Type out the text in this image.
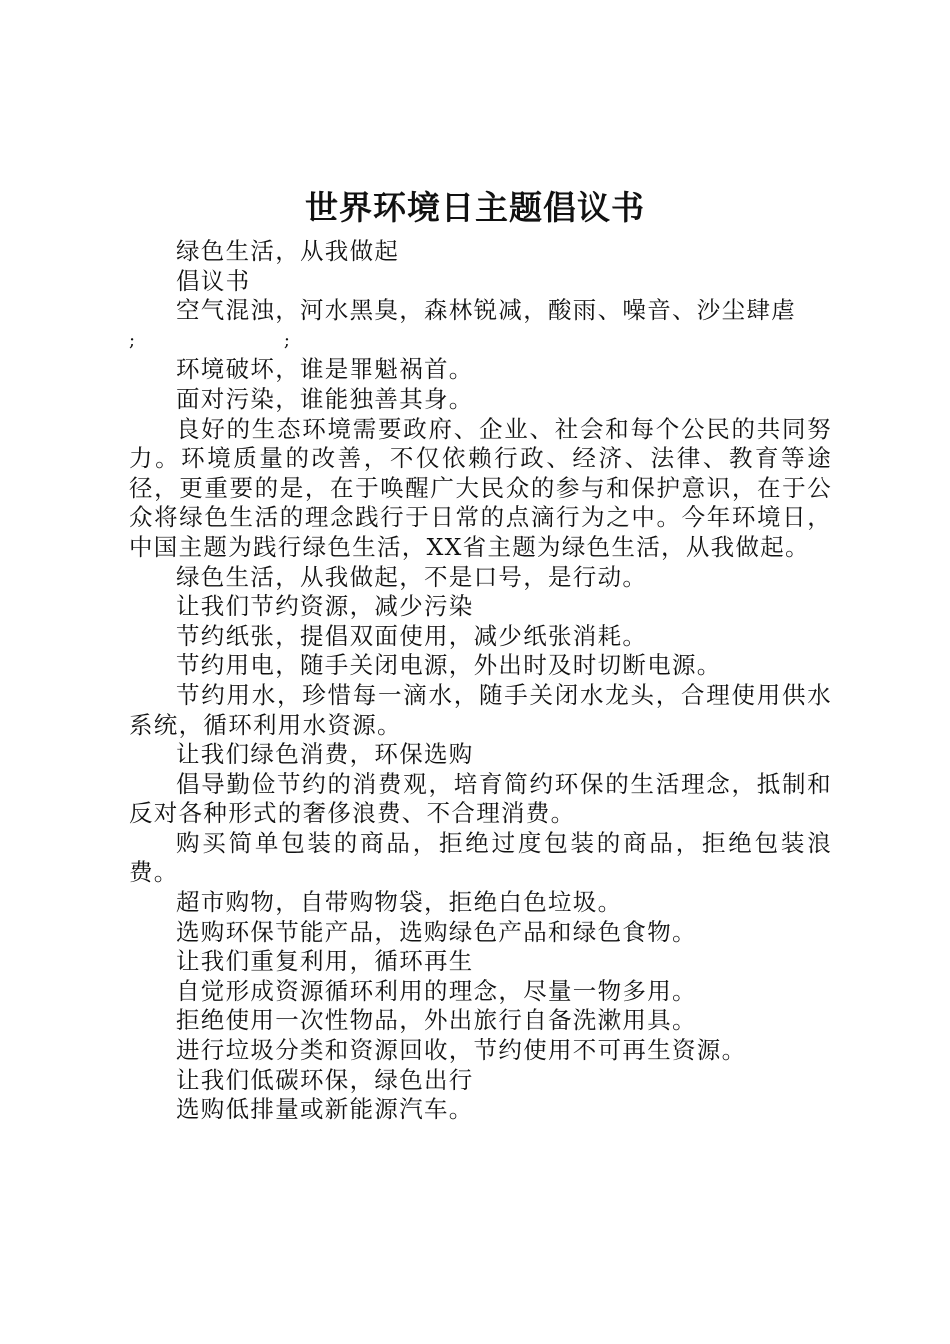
世界环境日主题倡议书

绿色生活，从我做起

倡议书

空气混浊，河水黑臭，森林锐减，酸雨、噪音、沙尘肆虐

;                          ;

环境破坏，谁是罪魁祸首。

面对污染，谁能独善其身。

良好的生态环境需要政府、企业、社会和每个公民的共同努力。环境质量的改善，不仅依赖行政、经济、法律、教育等途径，更重要的是，在于唤醒广大民众的参与和保护意识，在于公众将绿色生活的理念践行于日常的点滴行为之中。今年环境日，中国主题为践行绿色生活，XX省主题为绿色生活，从我做起。

绿色生活，从我做起，不是口号，是行动。

让我们节约资源，减少污染

节约纸张，提倡双面使用，减少纸张消耗。

节约用电，随手关闭电源，外出时及时切断电源。

节约用水，珍惜每一滴水，随手关闭水龙头，合理使用供水系统，循环利用水资源。

让我们绿色消费，环保选购

倡导勤俭节约的消费观，培育简约环保的生活理念，抵制和反对各种形式的奢侈浪费、不合理消费。

购买简单包装的商品，拒绝过度包装的商品，拒绝包装浪费。

超市购物，自带购物袋，拒绝白色垃圾。

选购环保节能产品，选购绿色产品和绿色食物。

让我们重复利用，循环再生

自觉形成资源循环利用的理念，尽量一物多用。

拒绝使用一次性物品，外出旅行自备洗漱用具。

进行垃圾分类和资源回收，节约使用不可再生资源。

让我们低碳环保，绿色出行

选购低排量或新能源汽车。
